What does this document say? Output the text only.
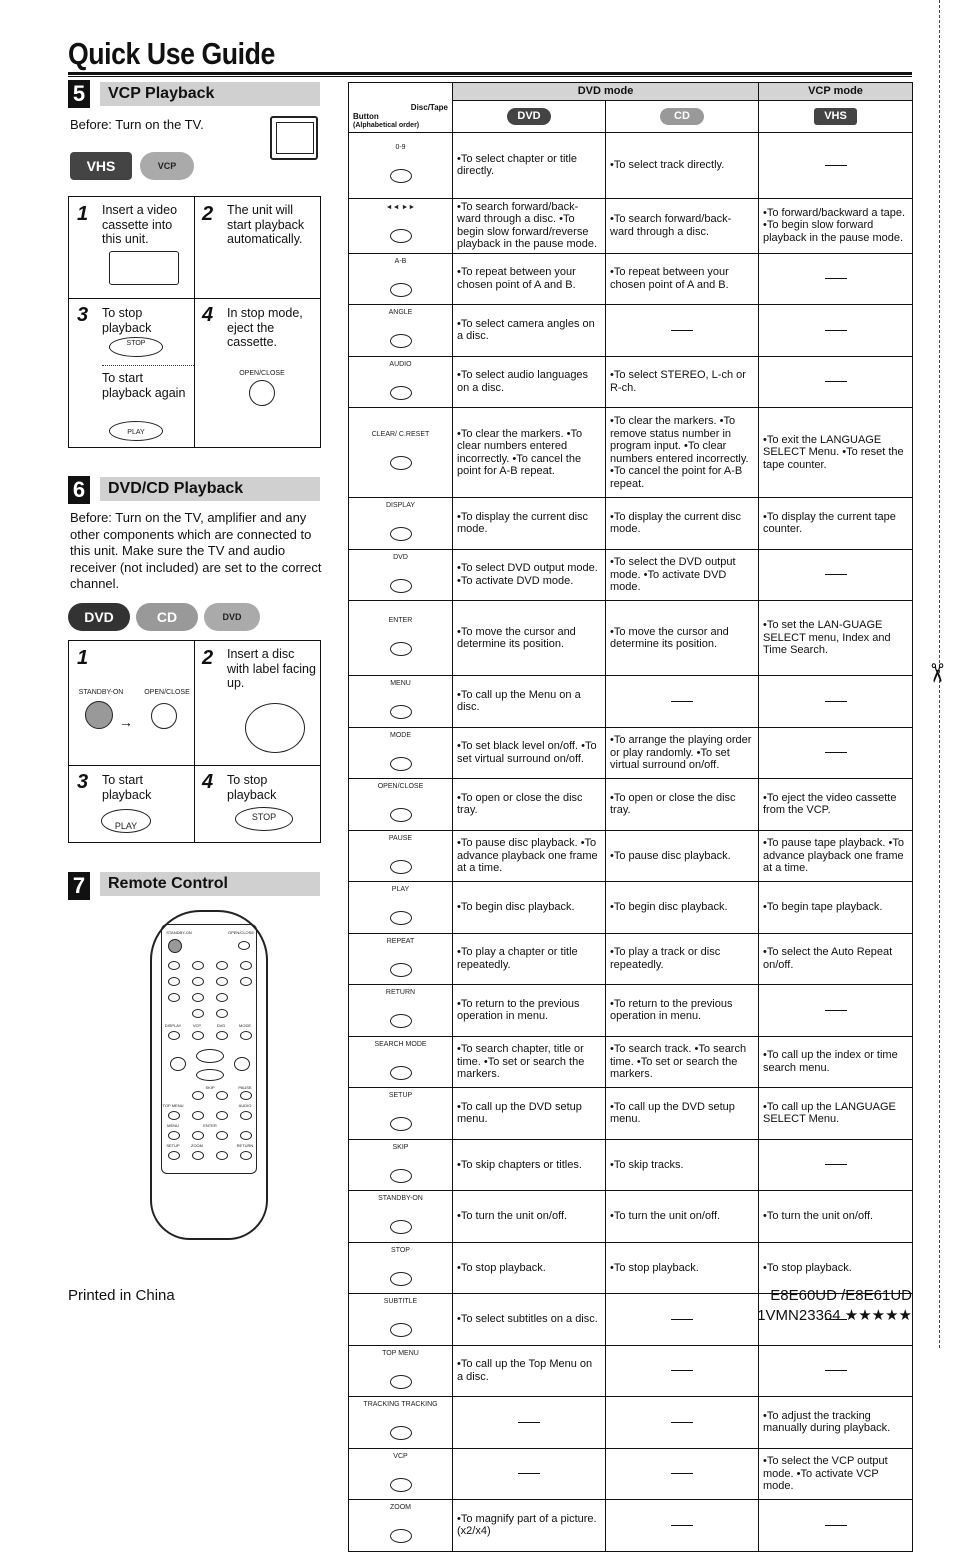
Quick Use Guide
✂
5	VCP Playback
Before: Turn on the TV.
VHS	VCP
1 Insert a video cassette into this unit.
2 The unit will start playback automatically.
3 To stop playback
STOP
To start playback again
PLAY
4 In stop mode, eject the cassette.
OPEN/CLOSE
6	DVD/CD Playback
Before: Turn on the TV, amplifier and any other components which are connected to this unit. Make sure the TV and audio receiver (not included) are set to the correct channel.
DVD	CD	DVD
1
STANDBY-ON	OPEN/CLOSE
→
2 Insert a disc with label facing up.
3 To start playback
PLAY
4 To stop playback
STOP
7	Remote Control
STANDBY-ON	OPEN/CLOSE
DISPLAY	VCP	DVD	MODE
SKIP	PAUSE
TOP MENU	AUDIO
MENU	ENTER
SETUP	ZOOM	RETURN
	DVD mode		VCP mode

Disc/Tape
Button
(Alphabetical order)	DVD	CD	VHS

0-9	•To select chapter or title directly.	•To select track directly.	

◄◄ ►►	•To search forward/back-ward through a disc. •To begin slow forward/reverse playback in the pause mode.	•To search forward/back-ward through a disc.	•To forward/backward a tape. •To begin slow forward playback in the pause mode.

A-B	•To repeat between your chosen point of A and B.	•To repeat between your chosen point of A and B.	

ANGLE	•To select camera angles on a disc.	

AUDIO	•To select audio languages on a disc.	•To select STEREO, L-ch or R-ch.	

CLEAR/ C.RESET	•To clear the markers. •To clear numbers entered incorrectly. •To cancel the point for A-B repeat.	•To clear the markers. •To remove status number in program input. •To clear numbers entered incorrectly. •To cancel the point for A-B repeat.	•To exit the LANGUAGE SELECT Menu. •To reset the tape counter.

DISPLAY	•To display the current disc mode.	•To display the current disc mode.	•To display the current tape counter.

DVD	•To select DVD output mode. •To activate DVD mode.	•To select the DVD output mode. •To activate DVD mode.	

ENTER	•To move the cursor and determine its position.	•To move the cursor and determine its position.	•To set the LAN-GUAGE SELECT menu, Index and Time Search.

MENU	•To call up the Menu on a disc.	

MODE	•To set black level on/off. •To set virtual surround on/off.	•To arrange the playing order or play randomly. •To set virtual surround on/off.	

OPEN/CLOSE	•To open or close the disc tray.	•To open or close the disc tray.	•To eject the video cassette from the VCP.

PAUSE	•To pause disc playback. •To advance playback one frame at a time.	•To pause disc playback.	•To pause tape playback. •To advance playback one frame at a time.

PLAY	•To begin disc playback.	•To begin disc playback.	•To begin tape playback.

REPEAT	•To play a chapter or title repeatedly.	•To play a track or disc repeatedly.	•To select the Auto Repeat on/off.

RETURN	•To return to the previous operation in menu.	•To return to the previous operation in menu.	

SEARCH MODE	•To search chapter, title or time. •To set or search the markers.	•To search track. •To search time. •To set or search the markers.	•To call up the index or time search menu.

SETUP	•To call up the DVD setup menu.	•To call up the DVD setup menu.	•To call up the LANGUAGE SELECT Menu.

SKIP	•To skip chapters or titles.	•To skip tracks.	

STANDBY-ON	•To turn the unit on/off.	•To turn the unit on/off.	•To turn the unit on/off.

STOP	•To stop playback.	•To stop playback.	•To stop playback.

SUBTITLE	•To select subtitles on a disc.	

TOP MENU	•To call up the Top Menu on a disc.	

TRACKING TRACKING			•To adjust the tracking manually during playback.

VCP			•To select the VCP output mode. •To activate VCP mode.

ZOOM	•To magnify part of a picture. (x2/x4)	

Printed in China	E8E60UD /E8E61UD
1VMN23364 ★★★★★
